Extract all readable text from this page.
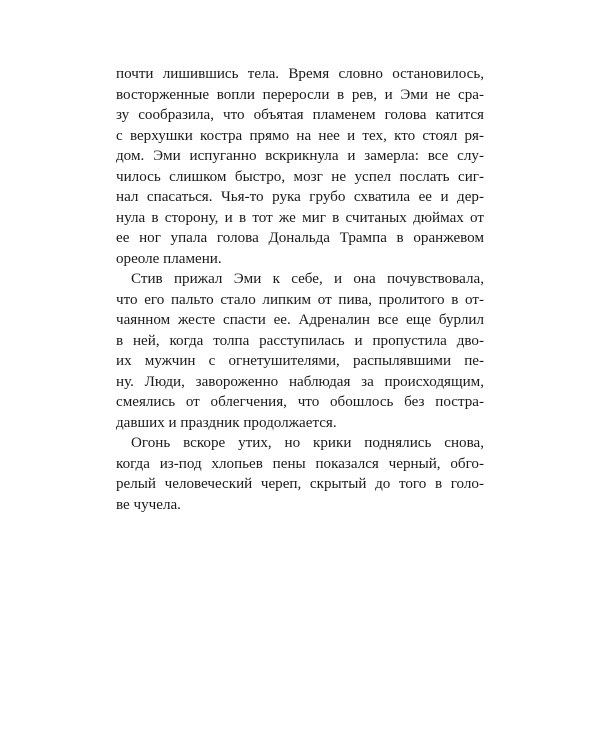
почти лишившись тела. Время словно остановилось,
восторженные вопли переросли в рев, и Эми не сра-
зу сообразила, что объятая пламенем голова катится
с верхушки костра прямо на нее и тех, кто стоял ря-
дом. Эми испуганно вскрикнула и замерла: все слу-
чилось слишком быстро, мозг не успел послать сиг-
нал спасаться. Чья-то рука грубо схватила ее и дер-
нула в сторону, и в тот же миг в считаных дюймах от
ее ног упала голова Дональда Трампа в оранжевом
ореоле пламени.
Стив прижал Эми к себе, и она почувствовала,
что его пальто стало липким от пива, пролитого в от-
чаянном жесте спасти ее. Адреналин все еще бурлил
в ней, когда толпа расступилась и пропустила дво-
их мужчин с огнетушителями, распылявшими пе-
ну. Люди, завороженно наблюдая за происходящим,
смеялись от облегчения, что обошлось без постра-
давших и праздник продолжается.
Огонь вскоре утих, но крики поднялись снова,
когда из-под хлопьев пены показался черный, обго-
релый человеческий череп, скрытый до того в голо-
ве чучела.
